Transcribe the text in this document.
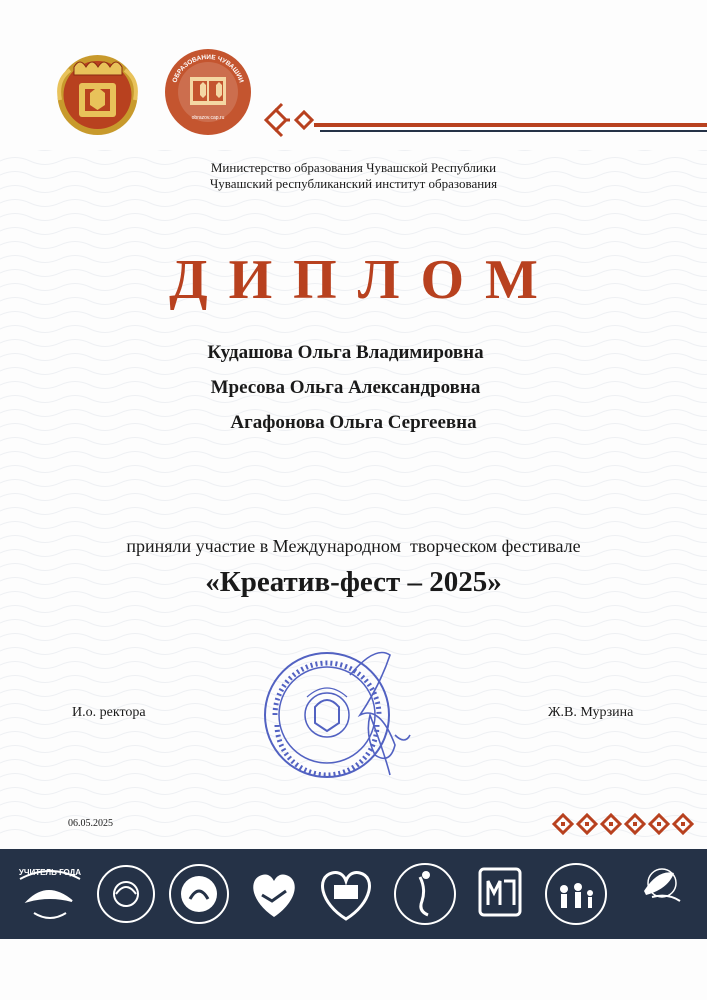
obrazov.cap.ru
ОБРАЗОВАНИЕ ЧУВАШИИ
Министерство образования Чувашской Республики
Чувашский республиканский институт образования
ДИПЛОМ
Кудашова Ольга Владимировна
Мресова Ольга Александровна
Агафонова Ольга Сергеевна
приняли участие в Международном  творческом фестивале
«Креатив-фест – 2025»
И.о. ректора	Ж.В. Мурзина
06.05.2025
УЧИТЕЛЬ ГОДА
